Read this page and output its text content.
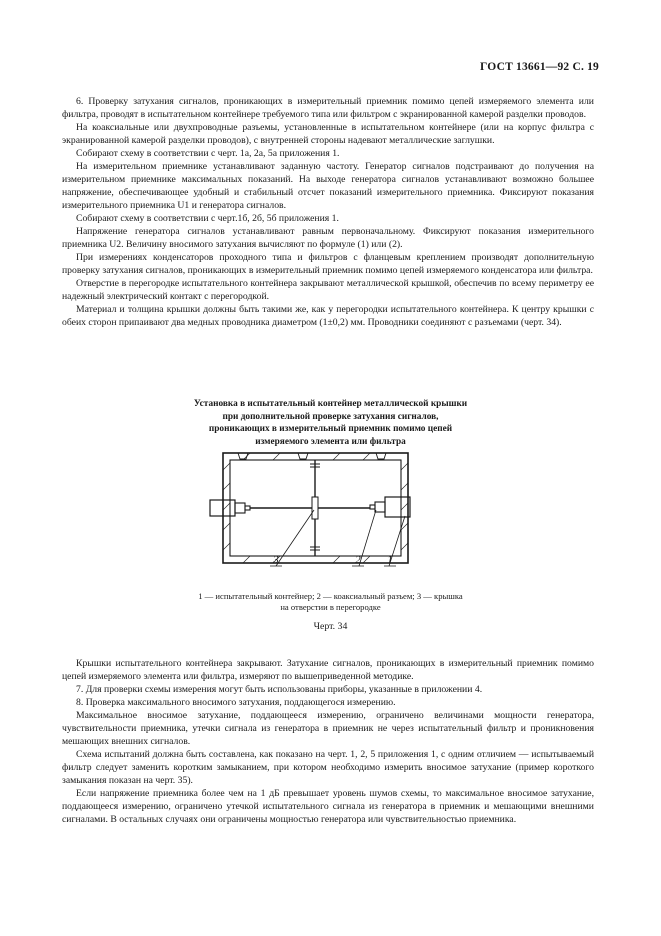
ГОСТ 13661—92 С. 19

6. Проверку затухания сигналов, проникающих в измерительный приемник помимо цепей измеряемого элемента или фильтра, проводят в испытательном контейнере требуемого типа или фильтром с экранированной камерой разделки проводов.

На коаксиальные или двухпроводные разъемы, установленные в испытательном контейнере (или на корпус фильтра с экранированной камерой разделки проводов), с внутренней стороны надевают металлические заглушки.

Собирают схему в соответствии с черт. 1а, 2а, 5а приложения 1.

На измерительном приемнике устанавливают заданную частоту. Генератор сигналов подстраивают до получения на измерительном приемнике максимальных показаний. На выходе генератора сигналов устанавливают возможно большее напряжение, обеспечивающее удобный и стабильный отсчет показаний измерительного приемника. Фиксируют показания измерительного приемника U1 и генератора сигналов.

Собирают схему в соответствии с черт.1б, 2б, 5б приложения 1.

Напряжение генератора сигналов устанавливают равным первоначальному. Фиксируют показания измерительного приемника U2. Величину вносимого затухания вычисляют по формуле (1) или (2).

При измерениях конденсаторов проходного типа и фильтров с фланцевым креплением производят дополнительную проверку затухания сигналов, проникающих в измерительный приемник помимо цепей измеряемого конденсатора или фильтра.

Отверстие в перегородке испытательного контейнера закрывают металлической крышкой, обеспечив по всему периметру ее надежный электрический контакт с перегородкой.

Материал и толщина крышки должны быть такими же, как у перегородки испытательного контейнера. К центру крышки с обеих сторон припаивают два медных проводника диаметром (1±0,2) мм. Проводники соединяют с разъемами (черт. 34).

Установка в испытательный контейнер металлической крышки
при дополнительной проверке затухания сигналов,
проникающих в измерительный приемник помимо цепей
измеряемого элемента или фильтра
3	2 1
1 — испытательный контейнер; 2 — коаксиальный разъем; 3 — крышка
на отверстии в перегородке
Черт. 34

Крышки испытательного контейнера закрывают. Затухание сигналов, проникающих в измерительный приемник помимо цепей измеряемого элемента или фильтра, измеряют по вышеприведенной методике.

7. Для проверки схемы измерения могут быть использованы приборы, указанные в приложении 4.

8. Проверка максимального вносимого затухания, поддающегося измерению.

Максимальное вносимое затухание, поддающееся измерению, ограничено величинами мощности генератора, чувствительности приемника, утечки сигнала из генератора в приемник не через испытательный фильтр и проникновения мешающих внешних сигналов.

Схема испытаний должна быть составлена, как показано на черт. 1, 2, 5 приложения 1, с одним отличием — испытываемый фильтр следует заменить коротким замыканием, при котором необходимо измерить вносимое затухание (пример короткого замыкания показан на черт. 35).

Если напряжение приемника более чем на 1 дБ превышает уровень шумов схемы, то максимальное вносимое затухание, поддающееся измерению, ограничено утечкой испытательного сигнала из генератора в приемник и мешающими внешними сигналами. В остальных случаях они ограничены мощностью генератора или чувствительностью приемника.
